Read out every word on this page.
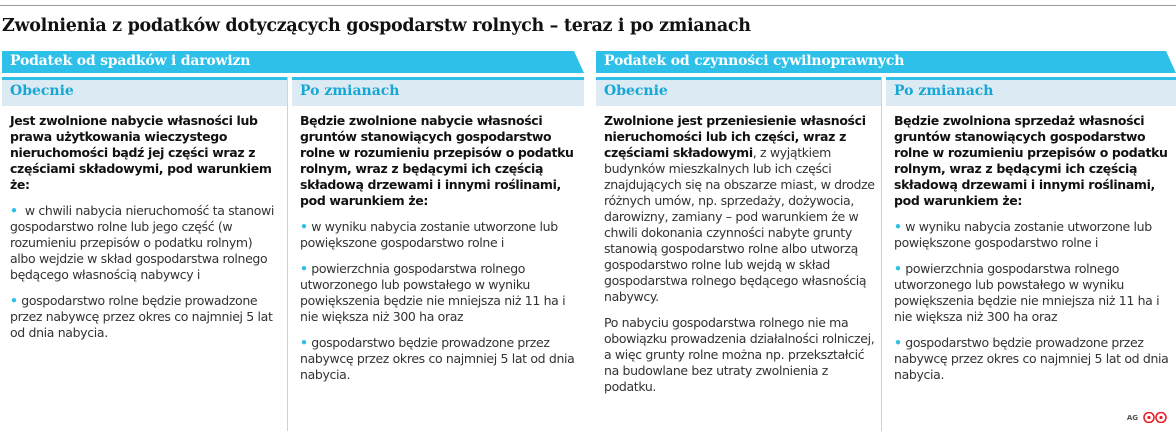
Zwolnienia z podatków dotyczących gospodarstw rolnych – teraz i po zmianach
Podatek od spadków i darowizn
Obecnie

Jest zwolnione nabycie własności lub prawa użytkowania wieczystego nieruchomości bądź jej części wraz z częściami składowymi, pod warunkiem że:

• w chwili nabycia nieruchomość ta stanowi gospodarstwo rolne lub jego część (w rozumieniu przepisów o podatku rolnym) albo wejdzie w skład gospodarstwa rolnego będącego własnością nabywcy i

• gospodarstwo rolne będzie prowadzone przez nabywcę przez okres co najmniej 5 lat od dnia nabycia.

Po zmianach

Będzie zwolnione nabycie własności gruntów stanowiących gospodarstwo rolne w rozumieniu przepisów o podatku rolnym, wraz z będącymi ich częścią składową drzewami i innymi roślinami, pod warunkiem że:

• w wyniku nabycia zostanie utworzone lub powiększone gospodarstwo rolne i

• powierzchnia gospodarstwa rolnego utworzonego lub powstałego w wyniku powiększenia będzie nie mniejsza niż 11 ha i nie większa niż 300 ha oraz

• gospodarstwo będzie prowadzone przez nabywcę przez okres co najmniej 5 lat od dnia nabycia.

Podatek od czynności cywilnoprawnych
Obecnie

Zwolnione jest przeniesienie własności nieruchomości lub ich części, wraz z częściami składowymi, z wyjątkiem budynków mieszkalnych lub ich części znajdujących się na obszarze miast, w drodze różnych umów, np. sprzedaży, dożywocia, darowizny, zamiany – pod warunkiem że w chwili dokonania czynności nabyte grunty stanowią gospodarstwo rolne albo utworzą gospodarstwo rolne lub wejdą w skład gospodarstwa rolnego będącego własnością nabywcy.

Po nabyciu gospodarstwa rolnego nie ma obowiązku prowadzenia działalności rolniczej, a więc grunty rolne można np. przekształcić na budowlane bez utraty zwolnienia z podatku.

Po zmianach

Będzie zwolniona sprzedaż własności gruntów stanowiących gospodarstwo rolne w rozumieniu przepisów o podatku rolnym, wraz z będącymi ich częścią składową drzewami i innymi roślinami, pod warunkiem że:

• w wyniku nabycia zostanie utworzone lub powiększone gospodarstwo rolne i

• powierzchnia gospodarstwa rolnego utworzonego lub powstałego w wyniku powiększenia będzie nie mniejsza niż 11 ha i nie większa niż 300 ha oraz

• gospodarstwo będzie prowadzone przez nabywcę przez okres co najmniej 5 lat od dnia nabycia.

AG
